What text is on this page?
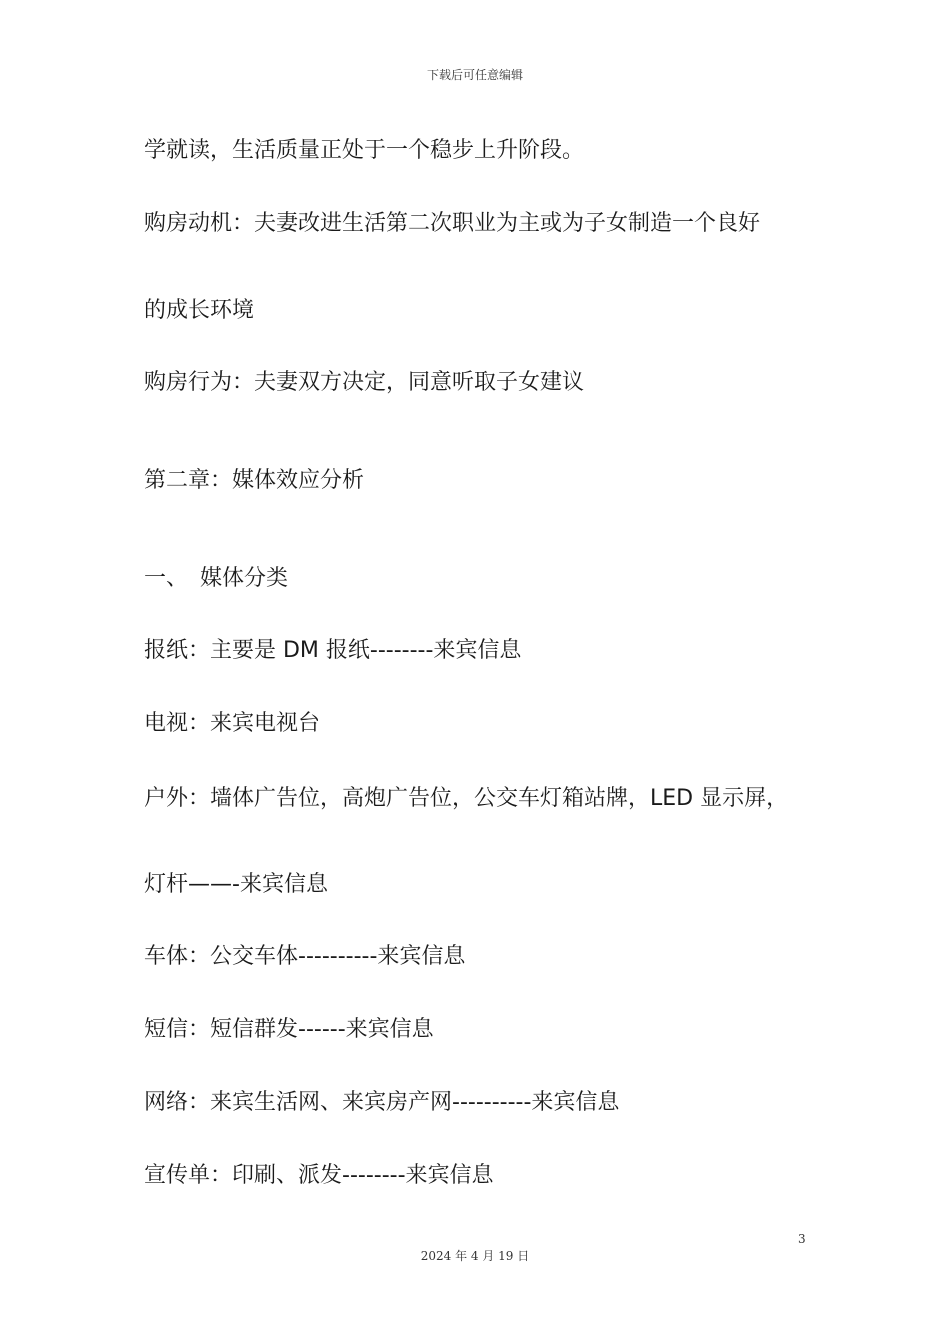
下载后可任意编辑
学就读，生活质量正处于一个稳步上升阶段。
购房动机：夫妻改进生活第二次职业为主或为子女制造一个良好
的成长环境
购房行为：夫妻双方决定，同意听取子女建议
第二章：媒体效应分析
一、 媒体分类
报纸：主要是 DM 报纸--------来宾信息
电视：来宾电视台
户外：墙体广告位，高炮广告位，公交车灯箱站牌，LED 显示屏，
灯杆——-来宾信息
车体：公交车体----------来宾信息
短信：短信群发------来宾信息
网络：来宾生活网、来宾房产网----------来宾信息
宣传单：印刷、派发--------来宾信息
3
2024 年 4 月 19 日
